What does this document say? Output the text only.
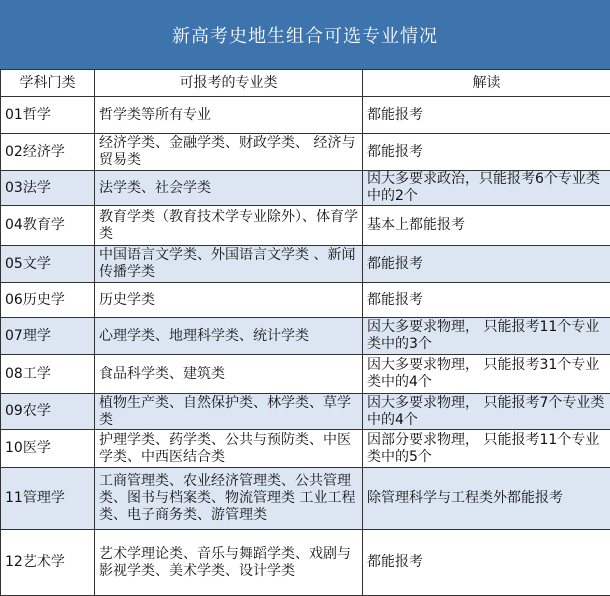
新高考史地生组合可选专业情况
学科门类	可报考的专业类	解读
01哲学	哲学类等所有专业	都能报考
02经济学	经济学类、金融学类、财政学类、 经济与贸易类	都能报考
03法学	法学类、社会学类	因大多要求政治，只能报考6个专业类中的2个
04教育学	教育学类（教育技术学专业除外）、体育学类	基本上都能报考
05文学	中国语言文学类、外国语言文学类 、新闻传播学类	都能报考
06历史学	历史学类	都能报考
07理学	心理学类、地理科学类、统计学类	因大多要求物理， 只能报考11个专业类中的3个
08工学	食品科学类、建筑类	因大多要求物理， 只能报考31个专业类中的4个
09农学	植物生产类、自然保护类、林学类、草学类	因大多要求物理， 只能报考7个专业类中的4个
10医学	护理学类、药学类、公共与预防类、中医学类、中西医结合类	因部分要求物理， 只能报考11个专业类中的5个
11管理学	工商管理类、农业经济管理类、公共管理类、图书与档案类、物流管理类 工业工程类、电子商务类、游管理类	除管理科学与工程类外都能报考
12艺术学	艺术学理论类、音乐与舞蹈学类、戏剧与影视学类、美术学类、设计学类	都能报考
